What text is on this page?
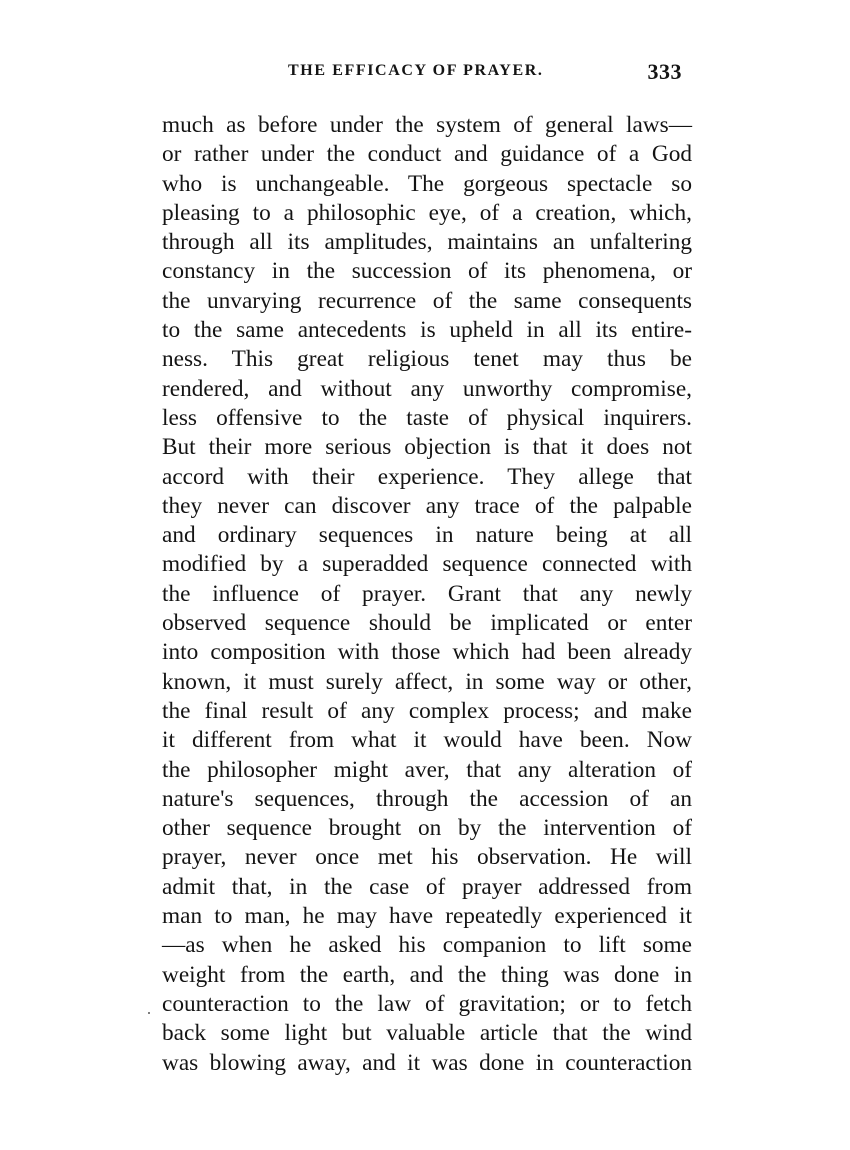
THE EFFICACY OF PRAYER.	333
much as before under the system of general laws—
or rather under the conduct and guidance of a God
who is unchangeable. The gorgeous spectacle so
pleasing to a philosophic eye, of a creation, which,
through all its amplitudes, maintains an unfaltering
constancy in the succession of its phenomena, or
the unvarying recurrence of the same consequents
to the same antecedents is upheld in all its entire-
ness. This great religious tenet may thus be
rendered, and without any unworthy compromise,
less offensive to the taste of physical inquirers.
But their more serious objection is that it does not
accord with their experience. They allege that
they never can discover any trace of the palpable
and ordinary sequences in nature being at all
modified by a superadded sequence connected with
the influence of prayer. Grant that any newly
observed sequence should be implicated or enter
into composition with those which had been already
known, it must surely affect, in some way or other,
the final result of any complex process; and make
it different from what it would have been. Now
the philosopher might aver, that any alteration of
nature's sequences, through the accession of an
other sequence brought on by the intervention of
prayer, never once met his observation. He will
admit that, in the case of prayer addressed from
man to man, he may have repeatedly experienced it
—as when he asked his companion to lift some
weight from the earth, and the thing was done in
counteraction to the law of gravitation; or to fetch
back some light but valuable article that the wind
was blowing away, and it was done in counteraction
